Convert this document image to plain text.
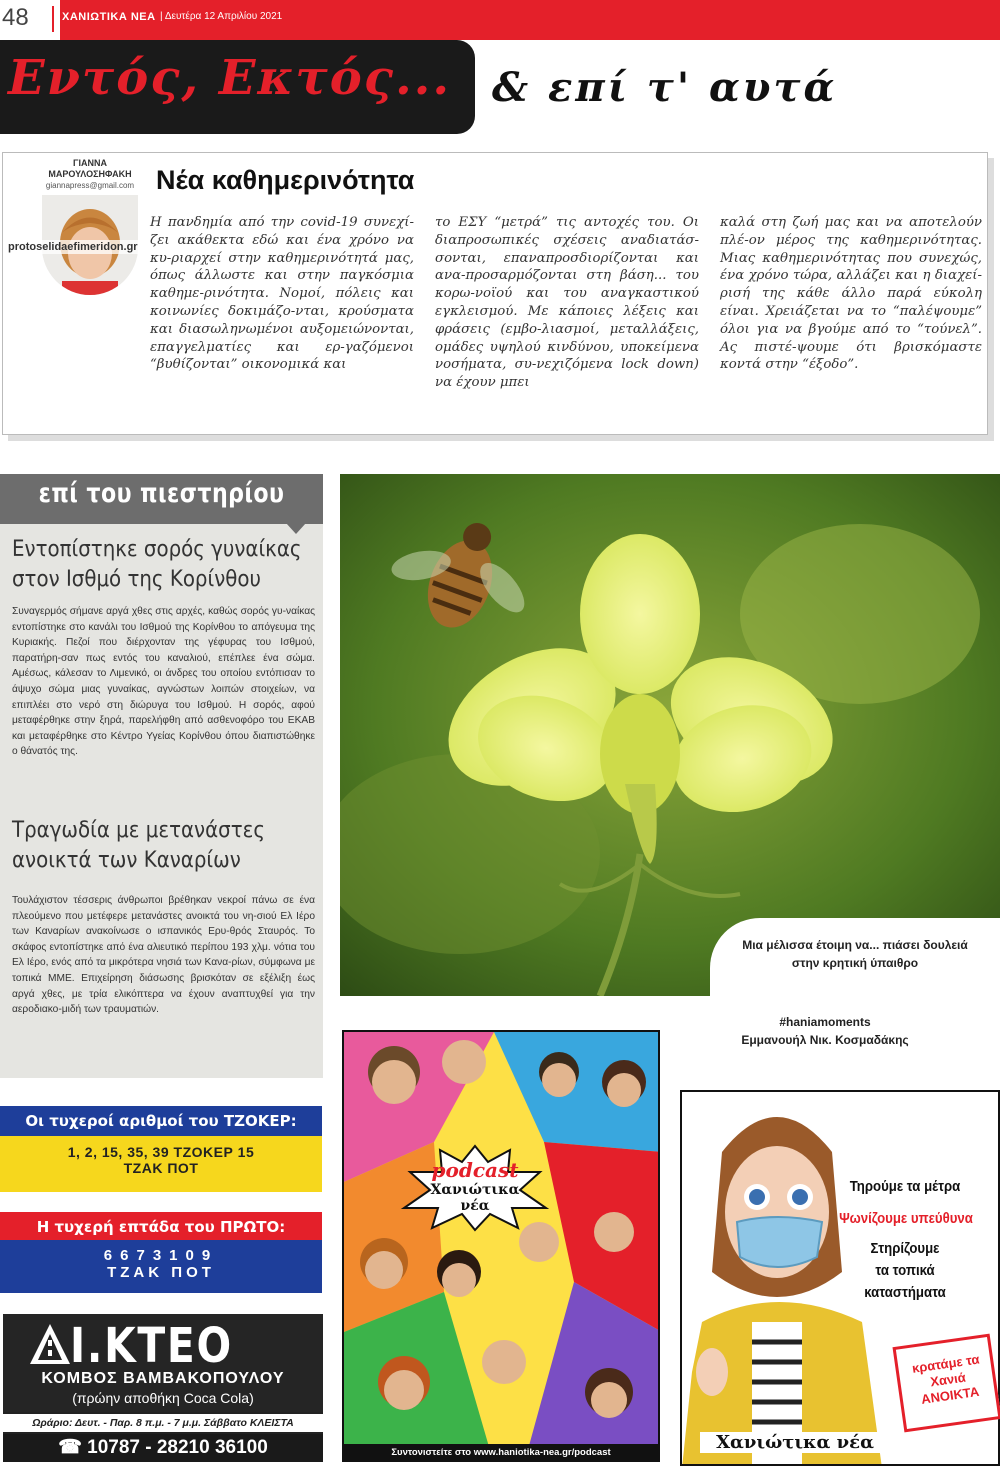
48	ΧΑΝΙΩΤΙΚΑ ΝΕΑ | Δευτέρα 12 Απριλίου 2021
Εντός, Εκτός... & επί τ' αυτά
ΓΙΑΝΝΑ
ΜΑΡΟΥΛΟΣΗΦΑΚΗ
giannapress@gmail.com
protoselidaefimeridon.gr
Νέα καθημερινότητα
Η πανδημία από την covid-19 συνεχί-ζει ακάθεκτα εδώ και ένα χρόνο να κυ-ριαρχεί στην καθημερινότητά μας, όπως άλλωστε και στην παγκόσμια καθημε-ρινότητα. Νομοί, πόλεις και κοινωνίες δοκιμάζο-νται, κρούσματα και διασωληνωμένοι αυξομειώνονται, επαγγελματίες και ερ-γαζόμενοι “βυθίζονται” οικονομικά και
το ΕΣΥ “μετρά” τις αντοχές του. Οι διαπροσωπικές σχέσεις αναδιατάσ-σονται, επαναπροσδιορίζονται και ανα-προσαρμόζονται στη βάση... του κορω-νοϊού και του αναγκαστικού εγκλεισμού. Με κάποιες λέξεις και φράσεις (εμβο-λιασμοί, μεταλλάξεις, ομάδες υψηλού κινδύνου, υποκείμενα νοσήματα, συ-νεχιζόμενα lock down) να έχουν μπει
καλά στη ζωή μας και να αποτελούν πλέ-ον μέρος της καθημερινότητας. Μιας καθημερινότητας που συνεχώς, ένα χρόνο τώρα, αλλάζει και η διαχεί-ρισή της κάθε άλλο παρά εύκολη είναι. Χρειάζεται να το “παλέψουμε” όλοι για να βγούμε από το “τούνελ”. Ας πιστέ-ψουμε ότι βρισκόμαστε κοντά στην “έξοδο”.
επί του πιεστηρίου
Εντοπίστηκε σορός γυναίκας
στον Ισθμό της Κορίνθου
Συναγερμός σήμανε αργά χθες στις αρχές, καθώς σορός γυ-ναίκας εντοπίστηκε στο κανάλι του Ισθμού της Κορίνθου το απόγευμα της Κυριακής. Πεζοί που διέρχονταν της γέφυρας του Ισθμού, παρατήρη-σαν πως εντός του καναλιού, επέπλεε ένα σώμα. Αμέσως, κάλεσαν το Λιμενικό, οι άνδρες του οποίου εντόπισαν το άψυχο σώμα μιας γυναίκας, αγνώστων λοιπών στοιχείων, να επιπλέει στο νερό στη διώρυγα του Ισθμού. Η σορός, αφού μεταφέρθηκε στην ξηρά, παρελήφθη από ασθενοφόρο του ΕΚΑΒ και μεταφέρθηκε στο Κέντρο Υγείας Κορίνθου όπου διαπιστώθηκε ο θάνατός της.
Τραγωδία με μετανάστες
ανοικτά των Καναρίων
Τουλάχιστον τέσσερις άνθρωποι βρέθηκαν νεκροί πάνω σε ένα πλεούμενο που μετέφερε μετανάστες ανοικτά του νη-σιού Ελ Ιέρο των Καναρίων ανακοίνωσε ο ισπανικός Ερυ-θρός Σταυρός. Το σκάφος εντοπίστηκε από ένα αλιευτικό περίπου 193 χλμ. νότια του Ελ Ιέρο, ενός από τα μικρότερα νησιά των Κανα-ρίων, σύμφωνα με τοπικά ΜΜΕ. Επιχείρηση διάσωσης βρισκόταν σε εξέλιξη έως αργά χθες, με τρία ελικόπτερα να έχουν αναπτυχθεί για την αεροδιακο-μιδή των τραυματιών.
Οι τυχεροί αριθμοί του ΤΖΟΚΕΡ:
1, 2, 15, 35, 39 ΤΖΟΚΕΡ 15
ΤΖΑΚ ΠΟΤ
Η τυχερή επτάδα του ΠΡΩΤΟ:
6673109
ΤΖΑΚ ΠΟΤ
Ι.ΚΤΕΟ
ΚΟΜΒΟΣ ΒΑΜΒΑΚΟΠΟΥΛΟΥ
(πρώην αποθήκη Coca Cola)
Ωράριο: Δευτ. - Παρ. 8 π.μ. - 7 μ.μ. Σάββατο ΚΛΕΙΣΤΑ
☎ 10787 - 28210 36100
Μια μέλισσα έτοιμη να... πιάσει δουλειά στην κρητική ύπαιθρο
#haniamoments
Εμμανουήλ Νικ. Κοσμαδάκης
podcast
Χανιώτικα νέα
Συντονιστείτε στο www.haniotika-nea.gr/podcast
Τηρούμε τα μέτρα
Ψωνίζουμε υπεύθυνα
Στηρίζουμε
τα τοπικά
καταστήματα
κρατάμε τα Χανιά ΑΝΟΙΚΤΑ
Χανιώτικα νέα
